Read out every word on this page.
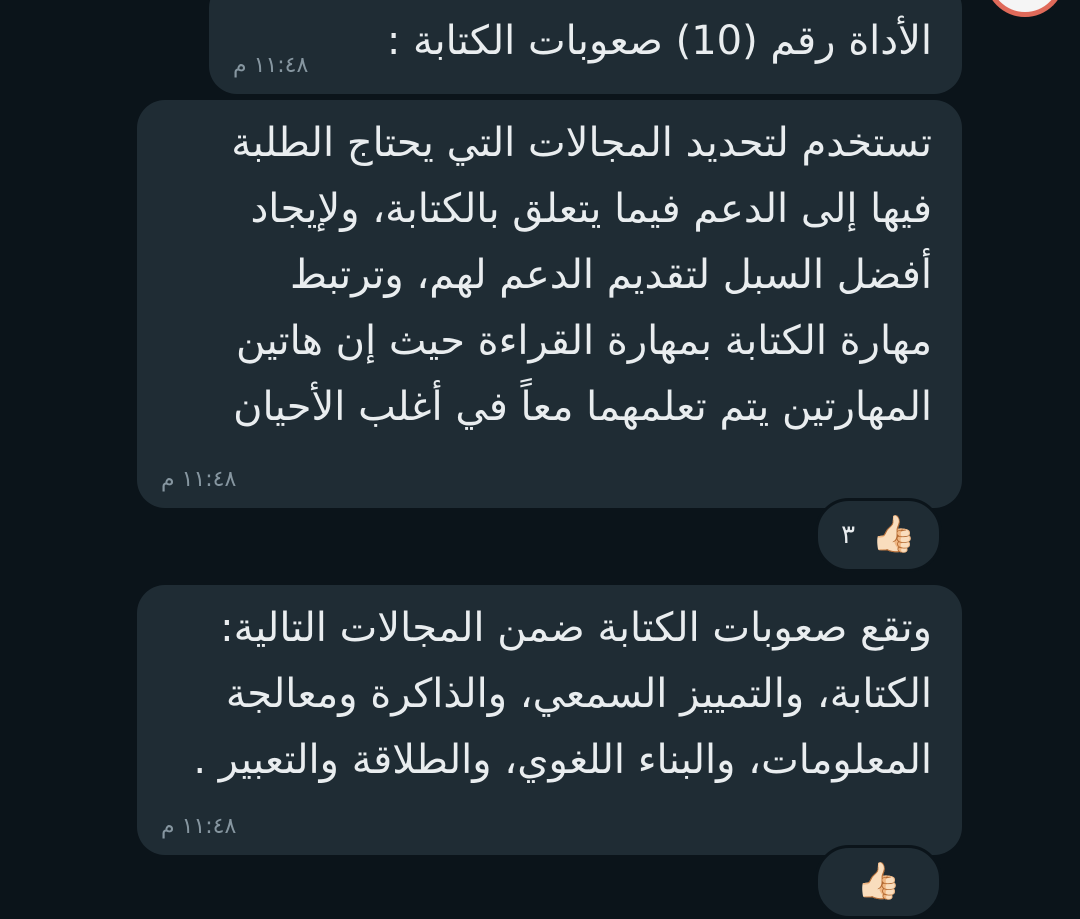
الأداة رقم (10) صعوبات الكتابة :
١١:٤٨ م
تستخدم لتحديد المجالات التي يحتاج الطلبة
فيها إلى الدعم فيما يتعلق بالكتابة، ولإيجاد
أفضل السبل لتقديم الدعم لهم، وترتبط
مهارة الكتابة بمهارة القراءة حيث إن هاتين
المهارتين يتم تعلمهما معاً في أغلب الأحيان
١١:٤٨ م
👍🏻
٣
وتقع صعوبات الكتابة ضمن المجالات التالية:
الكتابة، والتمييز السمعي، والذاكرة ومعالجة
المعلومات، والبناء اللغوي، والطلاقة والتعبير .
١١:٤٨ م
👍🏻
